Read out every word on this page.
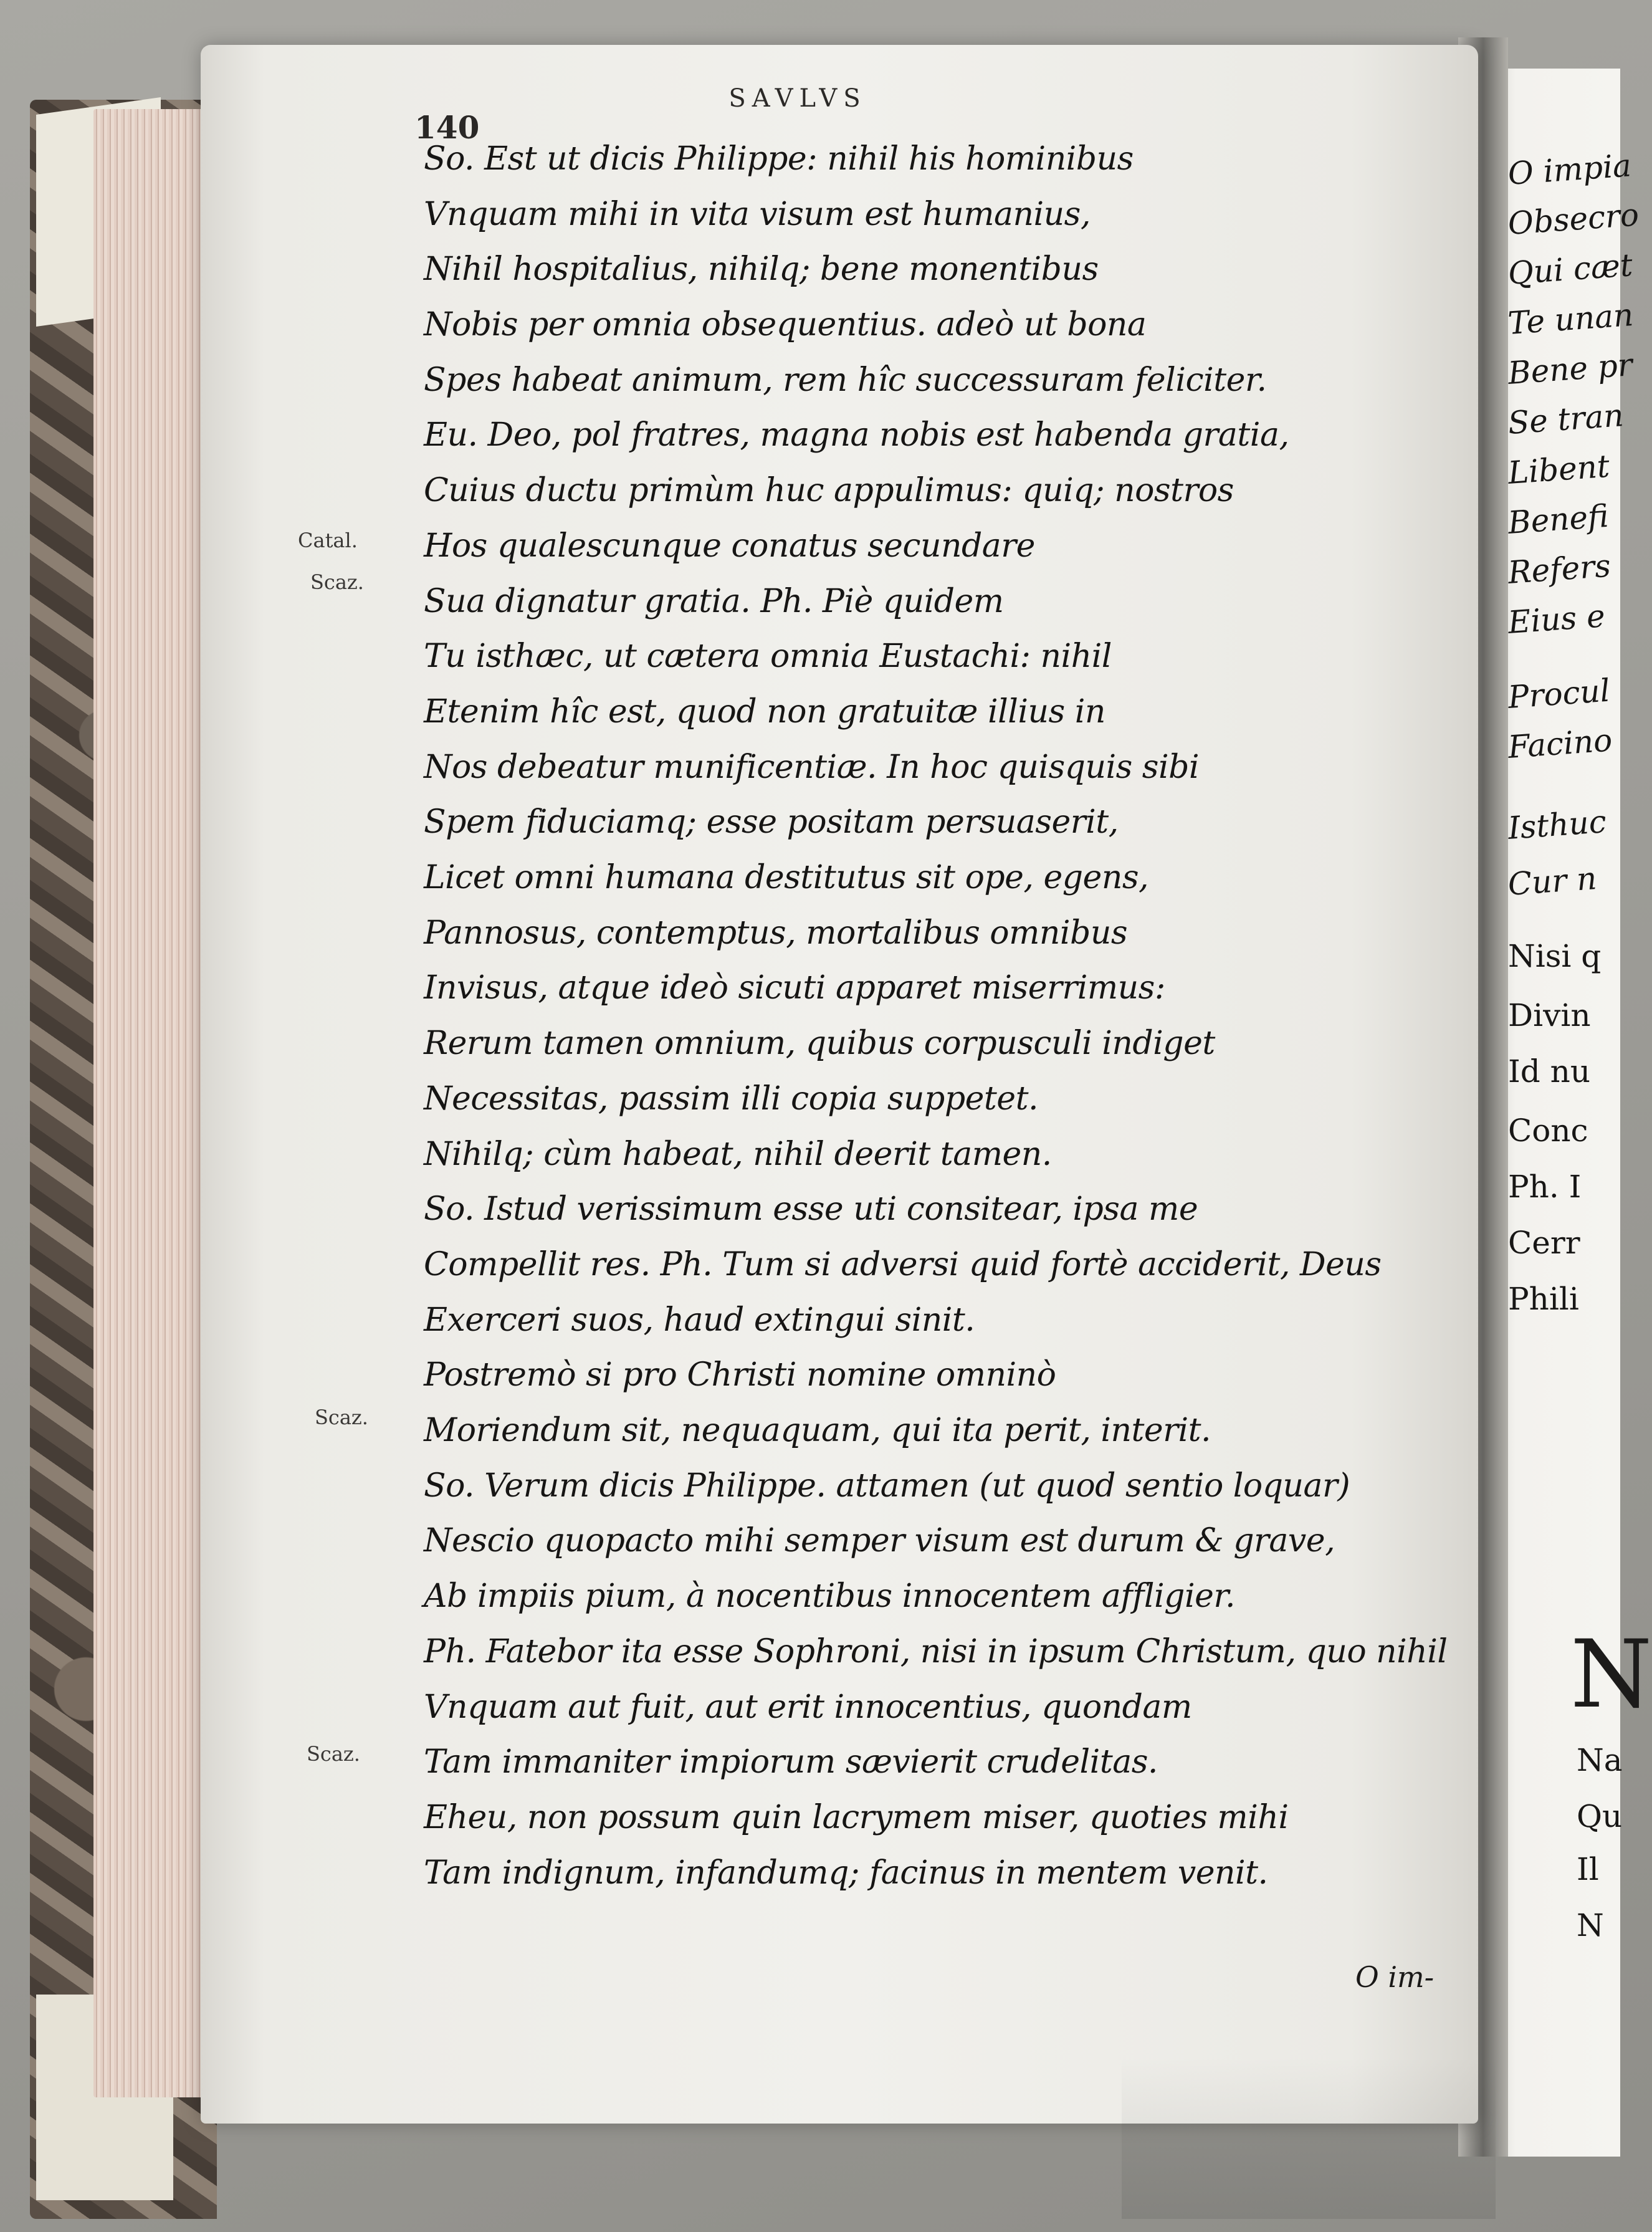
140
SAVLVS
Catal.
Scaz.
Scaz.
Scaz.

So. Est ut dicis Philippe: nihil his hominibus

Vnquam mihi in vita visum est humanius,

Nihil hospitalius, nihilq; bene monentibus

Nobis per omnia obsequentius. adeò ut bona

Spes habeat animum, rem hîc successuram feliciter.

Eu. Deo, pol fratres, magna nobis est habenda gratia,

Cuius ductu primùm huc appulimus: quiq; nostros

Hos qualescunque conatus secundare

Sua dignatur gratia. Ph. Piè quidem

Tu isthæc, ut cætera omnia Eustachi: nihil

Etenim hîc est, quod non gratuitæ illius in

Nos debeatur munificentiæ. In hoc quisquis sibi

Spem fiduciamq; esse positam persuaserit,

Licet omni humana destitutus sit ope, egens,

Pannosus, contemptus, mortalibus omnibus

Invisus, atque ideò sicuti apparet miserrimus:

Rerum tamen omnium, quibus corpusculi indiget

Necessitas, passim illi copia suppetet.

Nihilq; cùm habeat, nihil deerit tamen.

So. Istud verissimum esse uti consitear, ipsa me

Compellit res. Ph. Tum si adversi quid fortè acciderit, Deus

Exerceri suos, haud extingui sinit.

Postremò si pro Christi nomine omninò

Moriendum sit, nequaquam, qui ita perit, interit.

So. Verum dicis Philippe. attamen (ut quod sentio loquar)

Nescio quopacto mihi semper visum est durum & grave,

Ab impiis pium, à nocentibus innocentem affligier.

Ph. Fatebor ita esse Sophroni, nisi in ipsum Christum, quo nihil

Vnquam aut fuit, aut erit innocentius, quondam

Tam immaniter impiorum sævierit crudelitas.

Eheu, non possum quin lacrymem miser, quoties mihi

Tam indignum, infandumq; facinus in mentem venit.

O im-

O impia

Obsecro

Qui cæt

Te unan

Bene pr

Se tran

Libent

Benefi

Refers

Eius e

Procul

Facino

Isthuc

Cur n

Nisi q

Divin

Id nu

Conc

Ph. I

Cerr

Phili

N

Na

Qu

Il

N
